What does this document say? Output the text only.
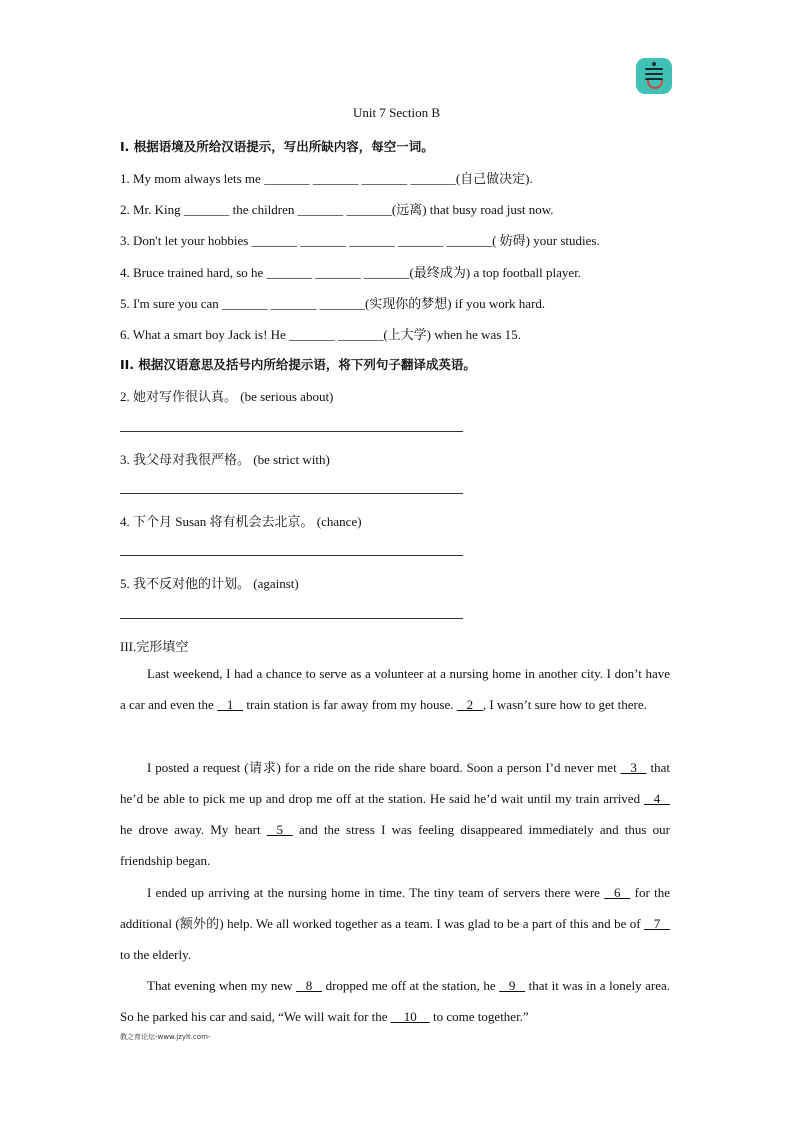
Unit 7 Section B
I. 根据语境及所给汉语提示，写出所缺内容，每空一词。
1. My mom always lets me _______ _______ _______ _______(自己做决定).
2. Mr. King _______ the children _______ _______(远离) that busy road just now.
3. Don't let your hobbies _______ _______ _______ _______ _______( 妨碍) your studies.
4. Bruce trained hard, so he _______ _______ _______(最终成为) a top football player.
5. I'm sure you can _______ _______ _______(实现你的梦想) if you work hard.
6. What a smart boy Jack is! He _______ _______(上大学) when he was 15.
II. 根据汉语意思及括号内所给提示语，将下列句子翻译成英语。
2. 她对写作很认真。 (be serious about)
3. 我父母对我很严格。 (be strict with)
4. 下个月 Susan 将有机会去北京。 (chance)
5. 我不反对他的计划。 (against)
III.完形填空
Last weekend, I had a chance to serve as a volunteer at a nursing home in another city. I don’t have a car and even the    1    train station is far away from my house.    2   , I wasn’t sure how to get there.
I posted a request (请求) for a ride on the ride share board. Soon a person I’d never met    3    that he’d be able to pick me up and drop me off at the station. He said he’d wait until my train arrived    4    he drove away. My heart    5    and the stress I was feeling disappeared immediately and thus our friendship began.
I ended up arriving at the nursing home in time. The tiny team of servers there were    6    for the additional (额外的) help. We all worked together as a team. I was glad to be a part of this and be of    7    to the elderly.
That evening when my new    8    dropped me off at the station, he    9    that it was in a lonely area. So he parked his car and said, “We will wait for the     10     to come together.”
教之育论坛-www.jzylt.com-
